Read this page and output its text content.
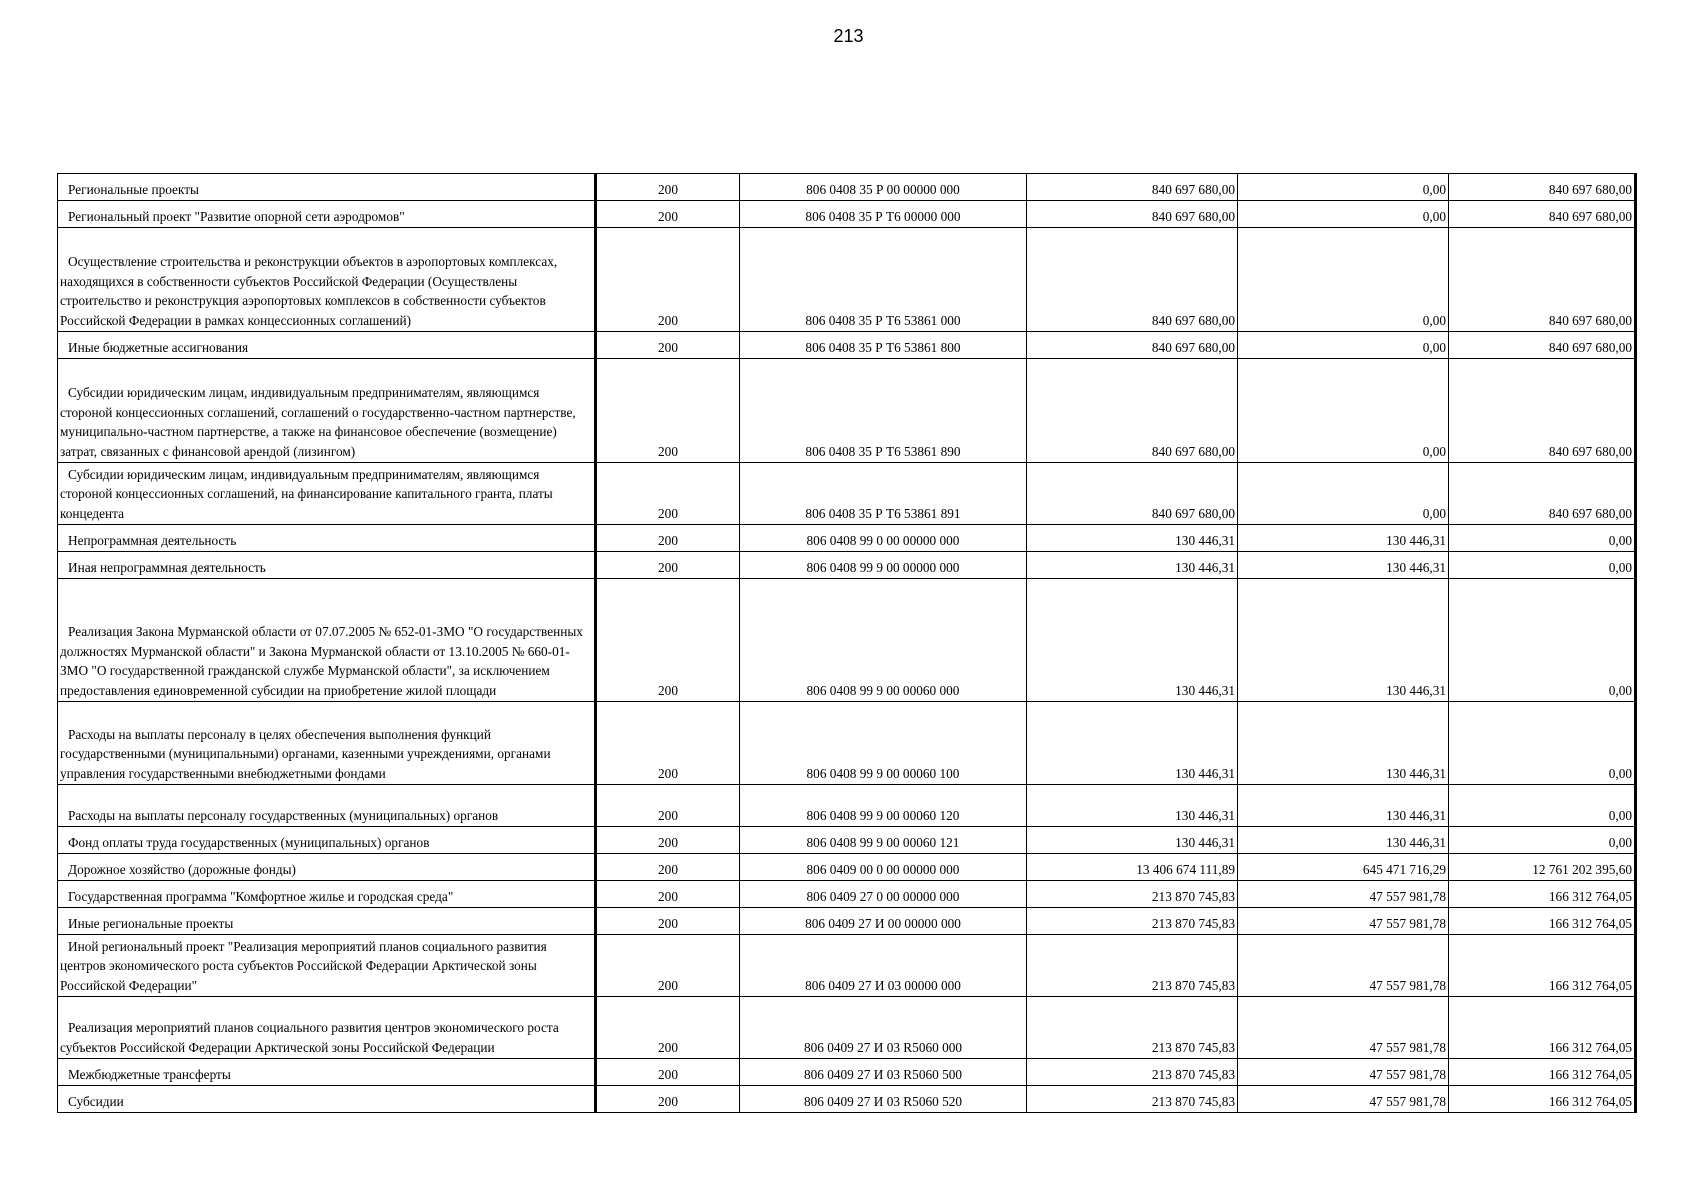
213
Региональные проекты	200	806 0408 35 Р 00 00000 000	840 697 680,00	0,00	840 697 680,00

Региональный проект "Развитие опорной сети аэродромов"	200	806 0408 35 Р Т6 00000 000	840 697 680,00	0,00	840 697 680,00

Осуществление строительства и реконструкции объектов в аэропортовых комплексах, находящихся в собственности субъектов Российской Федерации (Осуществлены строительство и реконструкция аэропортовых комплексов в собственности субъектов Российской Федерации в рамках концессионных соглашений)	200	806 0408 35 Р Т6 53861 000	840 697 680,00	0,00	840 697 680,00

Иные бюджетные ассигнования	200	806 0408 35 Р Т6 53861 800	840 697 680,00	0,00	840 697 680,00

Субсидии юридическим лицам, индивидуальным предпринимателям, являющимся стороной концессионных соглашений, соглашений о государственно-частном партнерстве, муниципально-частном партнерстве, а также на финансовое обеспечение (возмещение) затрат, связанных с финансовой арендой (лизингом)	200	806 0408 35 Р Т6 53861 890	840 697 680,00	0,00	840 697 680,00

Субсидии юридическим лицам, индивидуальным предпринимателям, являющимся стороной концессионных соглашений, на финансирование капитального гранта, платы концедента	200	806 0408 35 Р Т6 53861 891	840 697 680,00	0,00	840 697 680,00

Непрограммная деятельность	200	806 0408 99 0 00 00000 000	130 446,31	130 446,31	0,00

Иная непрограммная деятельность	200	806 0408 99 9 00 00000 000	130 446,31	130 446,31	0,00

Реализация Закона Мурманской области от 07.07.2005 № 652-01-ЗМО "О государственных должностях Мурманской области" и Закона Мурманской области от 13.10.2005 № 660-01-ЗМО "О государственной гражданской службе Мурманской области", за исключением предоставления единовременной субсидии на приобретение жилой площади	200	806 0408 99 9 00 00060 000	130 446,31	130 446,31	0,00

Расходы на выплаты персоналу в целях обеспечения выполнения функций государственными (муниципальными) органами, казенными учреждениями, органами управления государственными внебюджетными фондами	200	806 0408 99 9 00 00060 100	130 446,31	130 446,31	0,00

Расходы на выплаты персоналу государственных (муниципальных) органов	200	806 0408 99 9 00 00060 120	130 446,31	130 446,31	0,00

Фонд оплаты труда государственных (муниципальных) органов	200	806 0408 99 9 00 00060 121	130 446,31	130 446,31	0,00

Дорожное хозяйство (дорожные фонды)	200	806 0409 00 0 00 00000 000	13 406 674 111,89	645 471 716,29	12 761 202 395,60

Государственная программа "Комфортное жилье и городская среда"	200	806 0409 27 0 00 00000 000	213 870 745,83	47 557 981,78	166 312 764,05

Иные региональные проекты	200	806 0409 27 И 00 00000 000	213 870 745,83	47 557 981,78	166 312 764,05

Иной региональный проект "Реализация мероприятий планов социального развития центров экономического роста субъектов Российской Федерации Арктической зоны Российской Федерации"	200	806 0409 27 И 03 00000 000	213 870 745,83	47 557 981,78	166 312 764,05

Реализация мероприятий планов социального развития центров экономического роста субъектов Российской Федерации Арктической зоны Российской Федерации	200	806 0409 27 И 03 R5060 000	213 870 745,83	47 557 981,78	166 312 764,05

Межбюджетные трансферты	200	806 0409 27 И 03 R5060 500	213 870 745,83	47 557 981,78	166 312 764,05

Субсидии	200	806 0409 27 И 03 R5060 520	213 870 745,83	47 557 981,78	166 312 764,05
